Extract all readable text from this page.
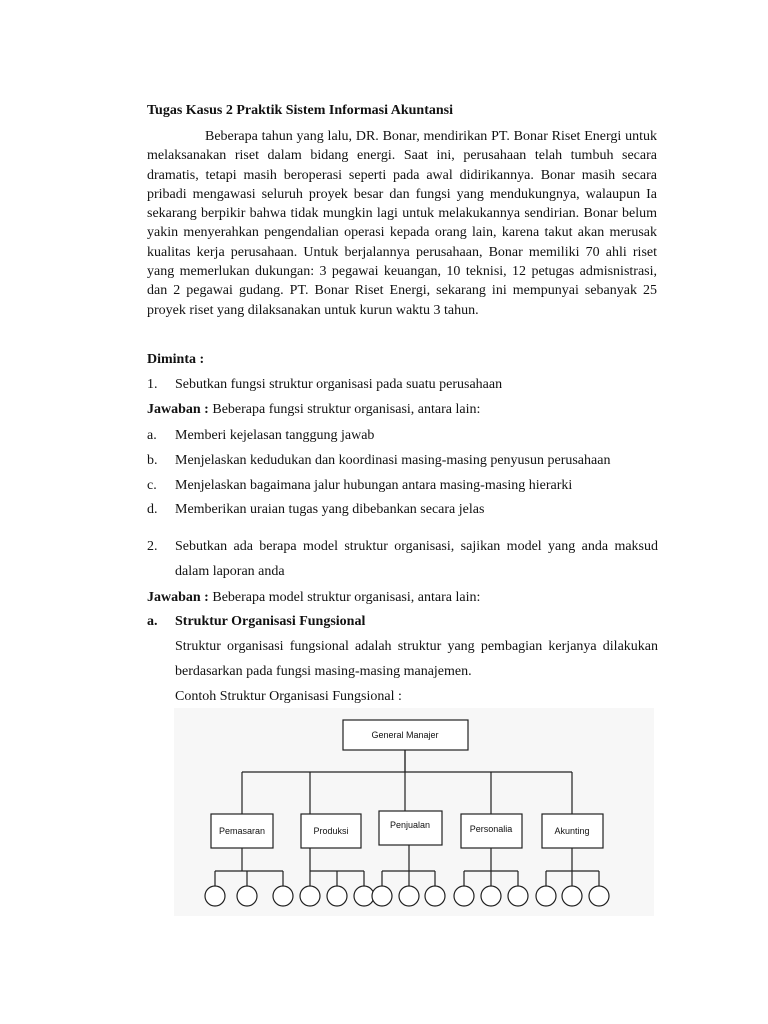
Tugas Kasus 2 Praktik Sistem Informasi Akuntansi

Beberapa tahun yang lalu, DR. Bonar, mendirikan PT. Bonar Riset Energi untuk melaksanakan riset dalam bidang energi. Saat ini, perusahaan telah tumbuh secara dramatis, tetapi masih beroperasi seperti pada awal didirikannya. Bonar masih secara pribadi mengawasi seluruh proyek besar dan fungsi yang mendukungnya, walaupun Ia sekarang berpikir bahwa tidak mungkin lagi untuk melakukannya sendirian. Bonar belum yakin menyerahkan pengendalian operasi kepada orang lain, karena takut akan merusak kualitas kerja perusahaan. Untuk berjalannya perusahaan, Bonar memiliki 70 ahli riset yang memerlukan dukungan: 3 pegawai keuangan, 10 teknisi, 12 petugas admisnistrasi, dan 2 pegawai gudang. PT. Bonar Riset Energi, sekarang ini mempunyai sebanyak 25 proyek riset yang dilaksanakan untuk kurun waktu 3 tahun.

Diminta :
1. Sebutkan fungsi struktur organisasi pada suatu perusahaan
Jawaban : Beberapa fungsi struktur organisasi, antara lain:
a. Memberi kejelasan tanggung jawab
b. Menjelaskan kedudukan dan koordinasi masing-masing penyusun perusahaan
c. Menjelaskan bagaimana jalur hubungan antara masing-masing hierarki
d. Memberikan uraian tugas yang dibebankan secara jelas
2. Sebutkan ada berapa model struktur organisasi, sajikan model yang anda maksud dalam laporan anda

Jawaban : Beberapa model struktur organisasi, antara lain:
a. Struktur Organisasi Fungsional

Struktur organisasi fungsional adalah struktur yang pembagian kerjanya dilakukan berdasarkan pada fungsi masing-masing manajemen.

Contoh Struktur Organisasi Fungsional :
General Manajer
Pemasaran	Produksi
Penjualan	Personalia	Akunting
